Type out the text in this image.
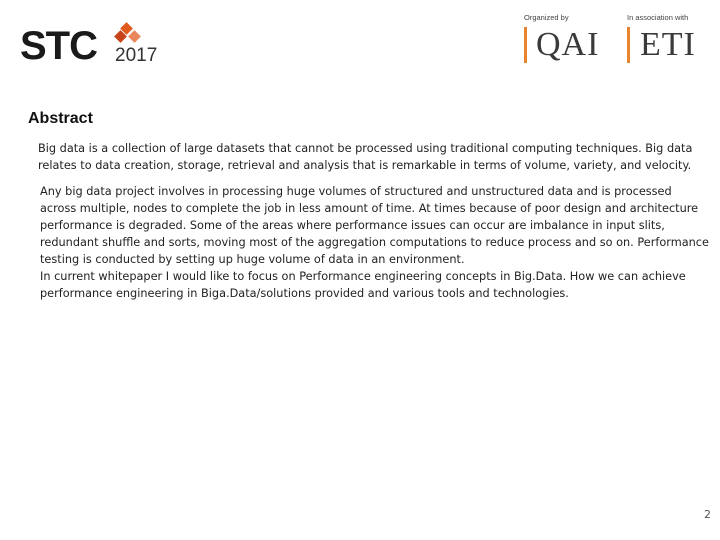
STC 2017
Organized by
QAI
In association with
ETI
Abstract

Big data is a collection of large datasets that cannot be processed using traditional computing techniques. Big data relates to data creation, storage, retrieval and analysis that is remarkable in terms of volume, variety, and velocity.

Any big data project involves in processing huge volumes of structured and unstructured data and is processed across multiple, nodes to complete the job in less amount of time. At times because of poor design and architecture performance is degraded. Some of the areas where performance issues can occur are imbalance in input slits, redundant shuffle and sorts, moving most of the aggregation computations to reduce process and so on. Performance testing is conducted by setting up huge volume of data in an environment.
In current whitepaper I would like to focus on Performance engineering concepts in Big.Data. How we can achieve performance engineering in Biga.Data/solutions provided and various tools and technologies.
2
